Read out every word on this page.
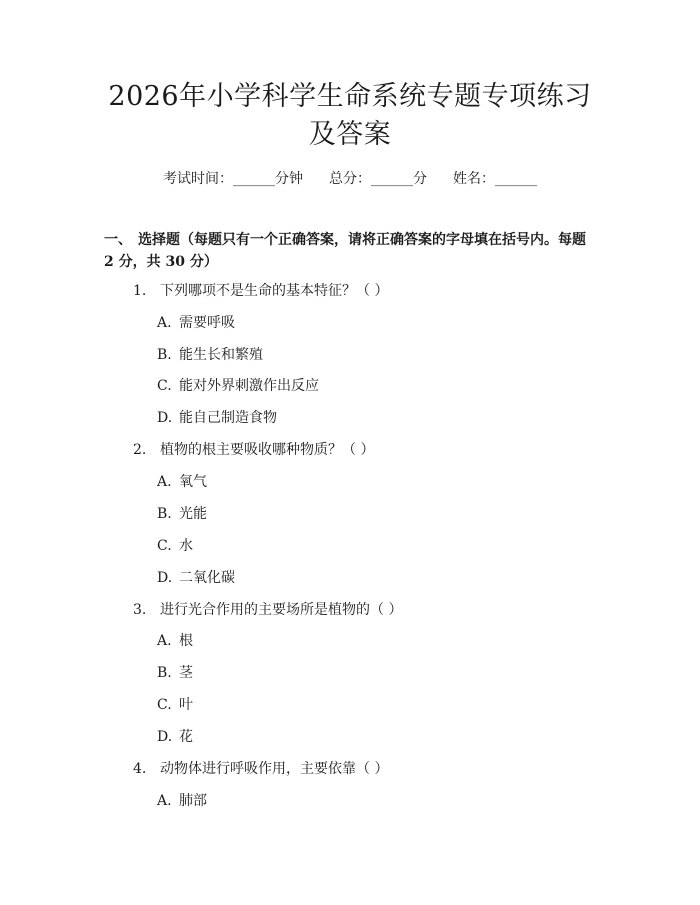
2026年小学科学生命系统专题专项练习及答案
考试时间：______分钟 总分：______分 姓名：______
一、 选择题（每题只有一个正确答案，请将正确答案的字母填在括号内。每题 2 分，共 30 分）
1. 下列哪项不是生命的基本特征？（ ）
A. 需要呼吸
B. 能生长和繁殖
C. 能对外界刺激作出反应
D. 能自己制造食物
2. 植物的根主要吸收哪种物质？（ ）
A. 氧气
B. 光能
C. 水
D. 二氧化碳
3. 进行光合作用的主要场所是植物的（ ）
A. 根
B. 茎
C. 叶
D. 花
4. 动物体进行呼吸作用，主要依靠（ ）
A. 肺部
